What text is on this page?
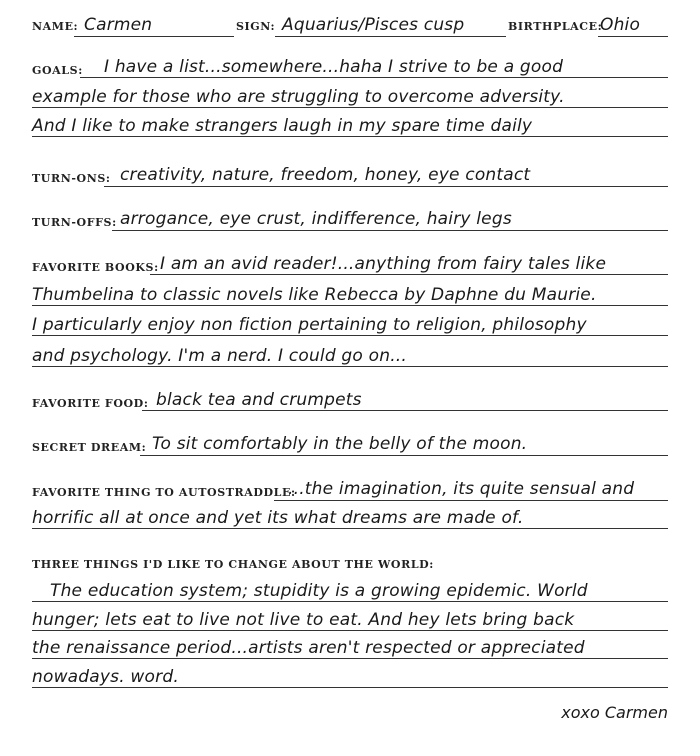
NAME: Carmen	SIGN: Aquarius/Pisces cusp	BIRTHPLACE:
Ohio
GOALS: I have a list...somewhere...haha I strive to be a good
example for those who are struggling to overcome adversity.
And I like to make strangers laugh in my spare time daily
TURN-ONS: creativity, nature, freedom, honey, eye contact
TURN-OFFS: arrogance, eye crust, indifference, hairy legs
FAVORITE BOOKS: I am an avid reader!...anything from fairy tales like
Thumbelina to classic novels like Rebecca by Daphne du Maurie.
I particularly enjoy non fiction pertaining to religion, philosophy
and psychology. I'm a nerd. I could go on...
FAVORITE FOOD: black tea and crumpets
SECRET DREAM: To sit comfortably in the belly of the moon.
FAVORITE THING TO AUTOSTRADDLE:
...the imagination, its quite sensual and
horrific all at once and yet its what dreams are made of.
THREE THINGS I'D LIKE TO CHANGE ABOUT THE WORLD:
The education system; stupidity is a growing epidemic. World
hunger; lets eat to live not live to eat. And hey lets bring back
the renaissance period...artists aren't respected or appreciated
nowadays. word.
xoxo Carmen
